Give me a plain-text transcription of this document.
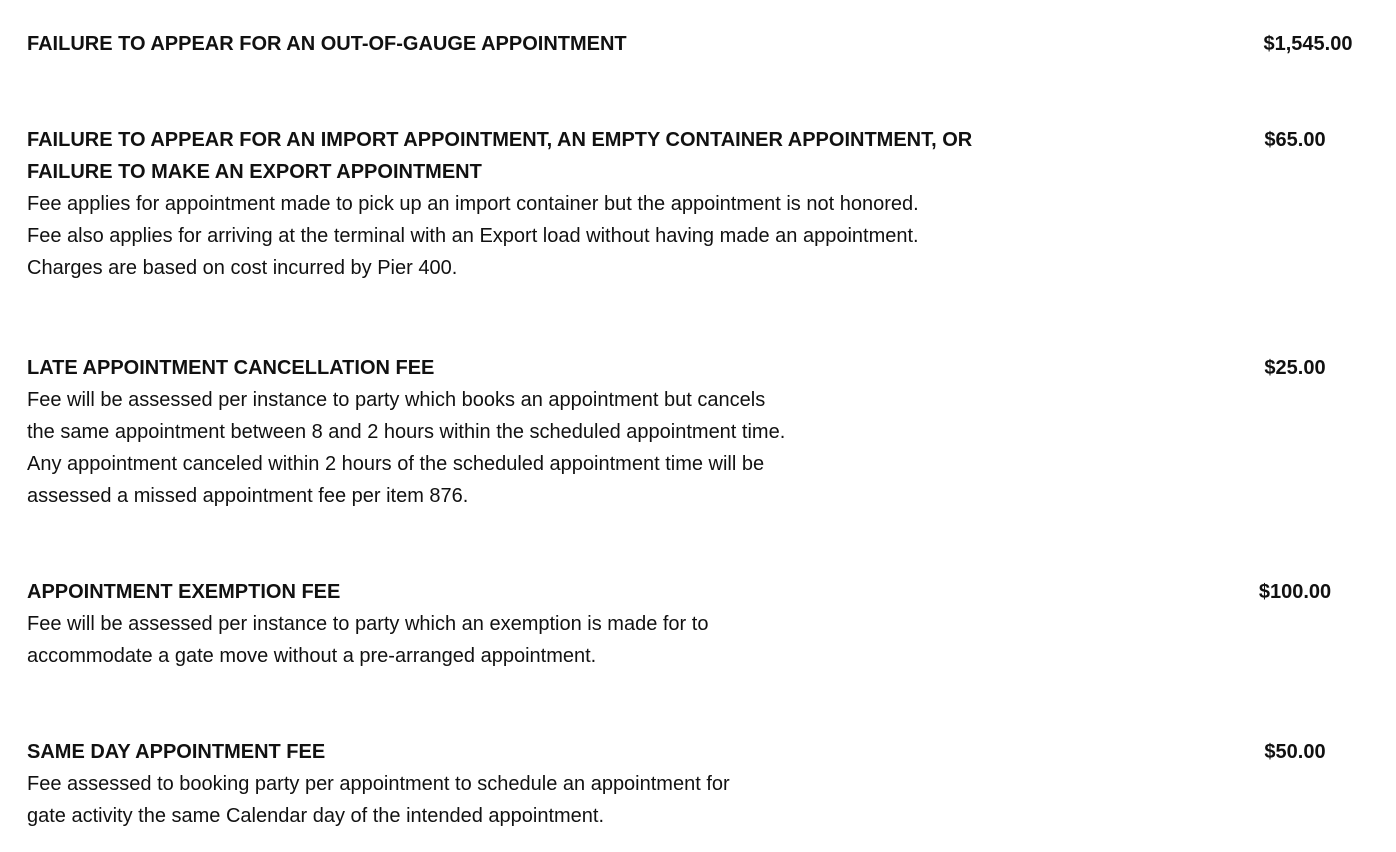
FAILURE TO APPEAR FOR AN OUT-OF-GAUGE APPOINTMENT	$1,545.00
FAILURE TO APPEAR FOR AN IMPORT APPOINTMENT, AN EMPTY CONTAINER APPOINTMENT, OR
FAILURE TO MAKE AN EXPORT APPOINTMENT
Fee applies for appointment made to pick up an import container but the appointment is not honored.
Fee also applies for arriving at the terminal with an Export load without having made an appointment.
Charges are based on cost incurred by Pier 400.
$65.00
LATE APPOINTMENT CANCELLATION FEE
Fee will be assessed per instance to party which books an appointment but cancels
the same appointment between 8 and 2 hours within the scheduled appointment time.
Any appointment canceled within 2 hours of the scheduled appointment time will be
assessed a missed appointment fee per item 876.
$25.00
APPOINTMENT EXEMPTION FEE
Fee will be assessed per instance to party which an exemption is made for to
accommodate a gate move without a pre-arranged appointment.
$100.00
SAME DAY APPOINTMENT FEE
Fee assessed to booking party per appointment to schedule an appointment for
gate activity the same Calendar day of the intended appointment.
$50.00
